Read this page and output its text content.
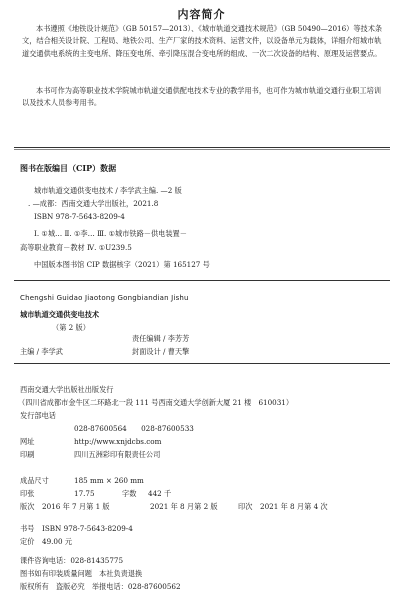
内容简介
本书遵照《地铁设计规范》（GB 50157—2013）、《城市轨道交通技术规范》（GB 50490—2016）等技术条文，结合相关设计院、工程局、地铁公司、生产厂家的技术资料、运营文件，以设备单元为载体，详细介绍城市轨道交通供电系统的主变电所、降压变电所、牵引降压混合变电所的组成、一次二次设备的结构、原理及运营要点。
本书可作为高等职业技术学院城市轨道交通供配电技术专业的教学用书，也可作为城市轨道交通行业职工培训以及技术人员参考用书。
图书在版编目（CIP）数据
城市轨道交通供变电技术 / 李学武主编. —2 版
. —成都：西南交通大学出版社，2021.8
ISBN 978-7-5643-8209-4
Ⅰ. ①城… Ⅱ. ①李… Ⅲ. ①城市铁路－供电装置－
高等职业教育－教材 Ⅳ. ①U239.5
中国版本图书馆 CIP 数据核字（2021）第 165127 号
Chengshi Guidao Jiaotong Gongbiandian Jishu
城市轨道交通供变电技术
（第 2 版）
主编 / 李学武
责任编辑 / 李芳芳
封面设计 / 曹天擎
西南交通大学出版社出版发行
（四川省成都市金牛区二环路北一段 111 号西南交通大学创新大厦 21 楼　610031）
发行部电话
028-87600564　　028-87600533
网址	http://www.xnjdcbs.com
印刷	四川五洲彩印有限责任公司
成品尺寸	185 mm × 260 mm
印张	17.75	字数 442 千
版次 2016 年 7 月第 1 版	2021 年 8 月第 2 版	印次 2021 年 8 月第 4 次
书号 ISBN 978-7-5643-8209-4
定价 49.00 元
课件咨询电话：028-81435775
图书如有印装质量问题　本社负责退换
版权所有　盗版必究　举报电话：028-87600562
